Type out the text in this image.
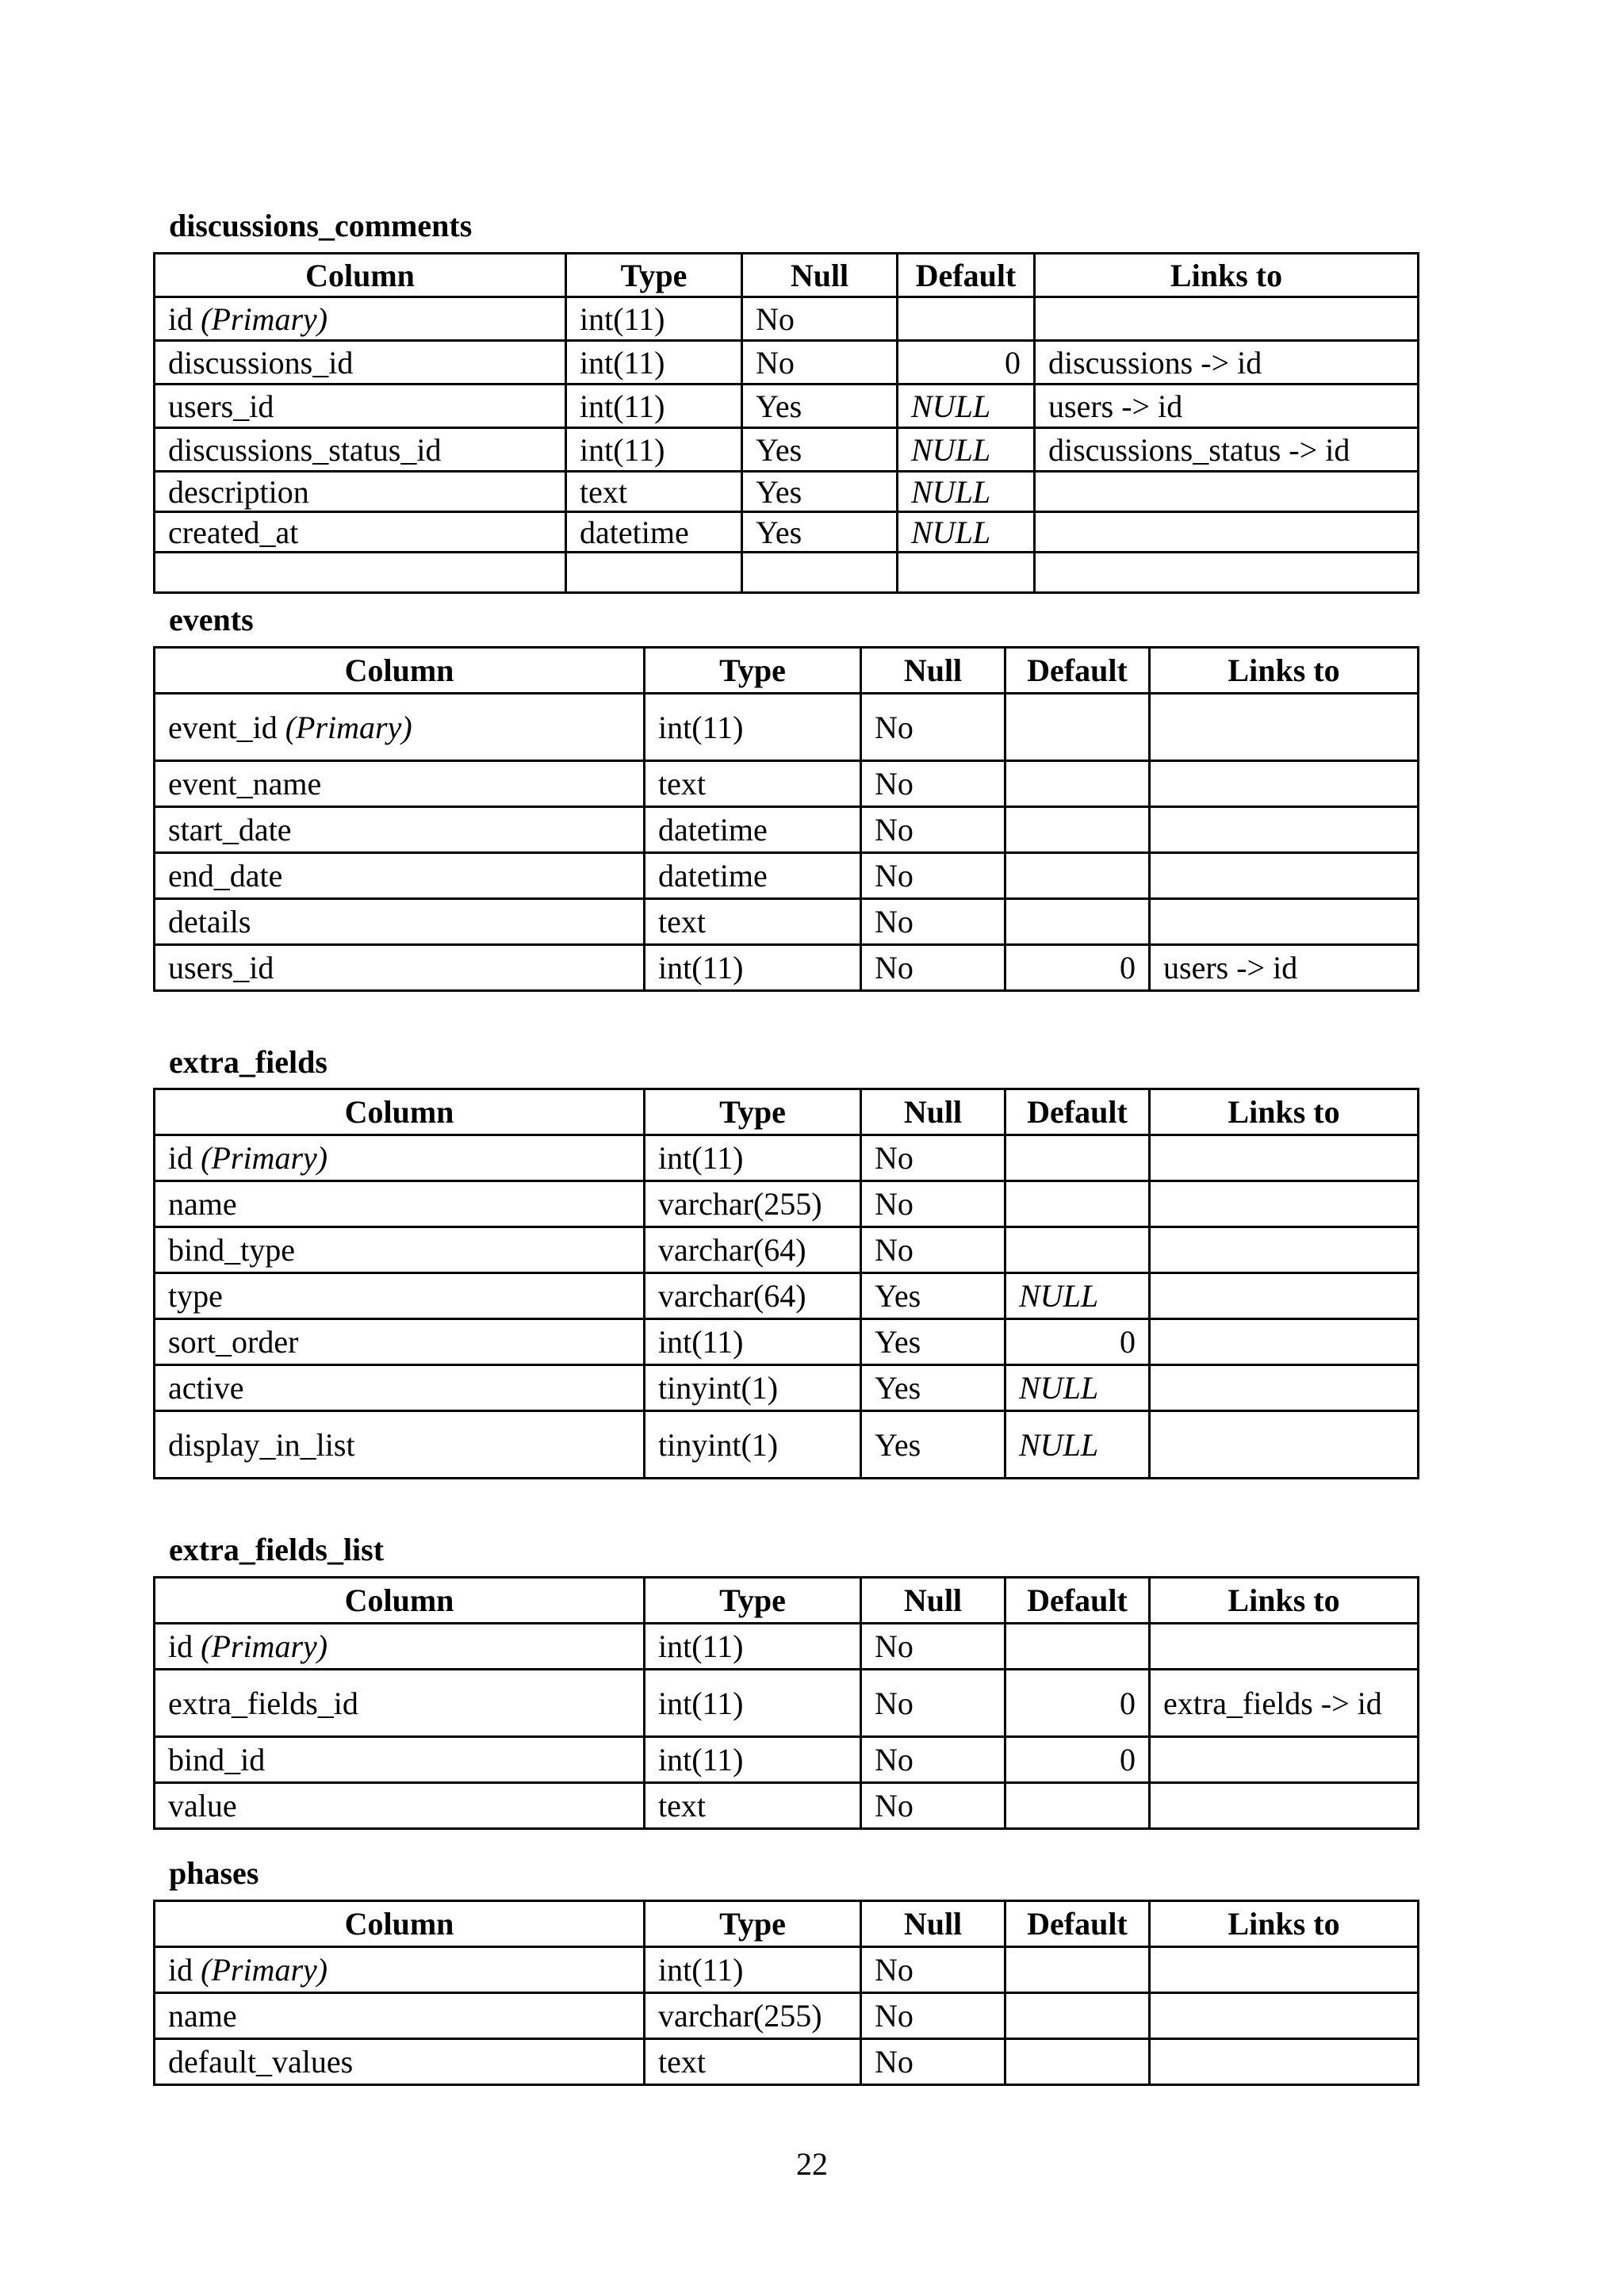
discussions_comments
Column	Type	Null	Default	Links to
id (Primary)	int(11)	No		
discussions_id	int(11)	No	0	discussions -> id
users_id	int(11)	Yes	NULL	users -> id
discussions_status_id	int(11)	Yes	NULL	discussions_status -> id
description	text	Yes	NULL	
created_at	datetime	Yes	NULL	

events
Column	Type	Null	Default	Links to
event_id (Primary)	int(11)	No		
event_name	text	No		
start_date	datetime	No		
end_date	datetime	No		
details	text	No		
users_id	int(11)	No	0	users -> id
extra_fields
Column	Type	Null	Default	Links to
id (Primary)	int(11)	No		
name	varchar(255)	No		
bind_type	varchar(64)	No		
type	varchar(64)	Yes	NULL	
sort_order	int(11)	Yes	0	
active	tinyint(1)	Yes	NULL	
display_in_list	tinyint(1)	Yes	NULL	
extra_fields_list
Column	Type	Null	Default	Links to
id (Primary)	int(11)	No		
extra_fields_id	int(11)	No	0	extra_fields -> id
bind_id	int(11)	No	0	
value	text	No		
phases
Column	Type	Null	Default	Links to
id (Primary)	int(11)	No		
name	varchar(255)	No		
default_values	text	No		
22
